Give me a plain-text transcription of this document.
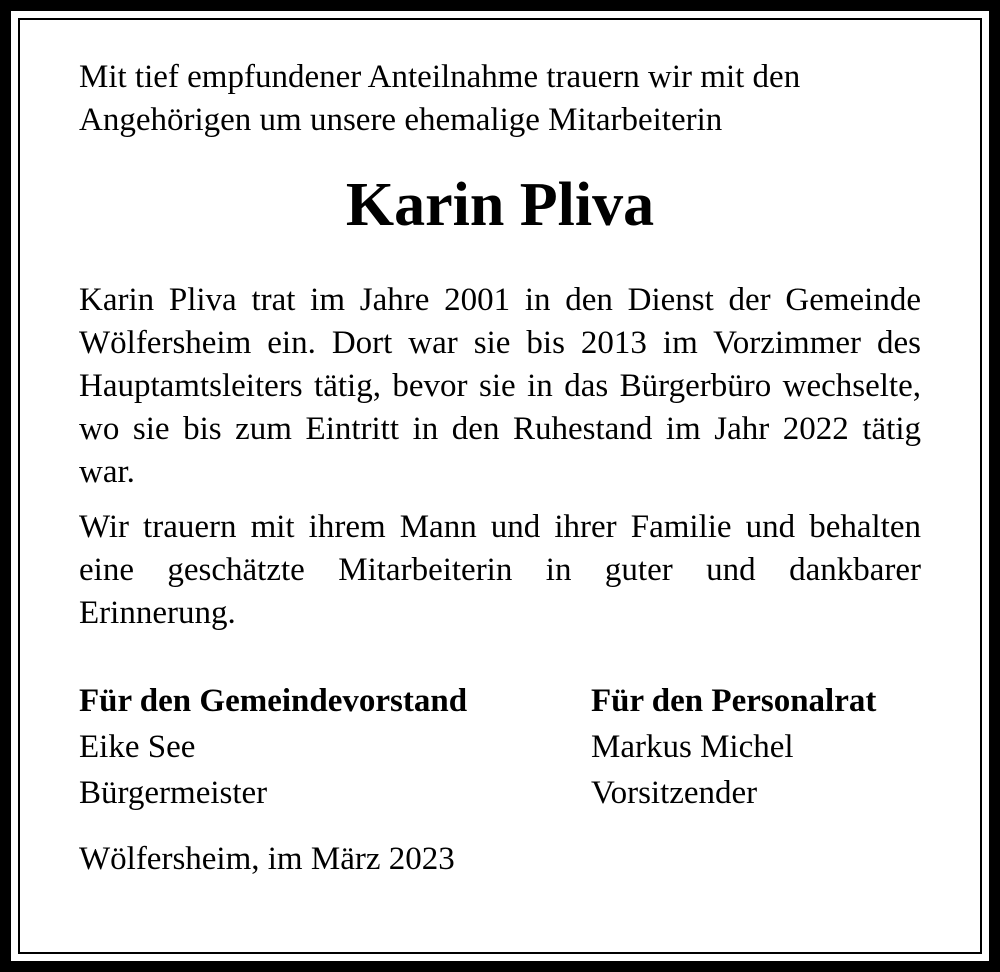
Mit tief empfundener Anteilnahme trauern wir mit den Angehörigen um unsere ehemalige Mitarbeiterin

Karin Pliva

Karin Pliva trat im Jahre 2001 in den Dienst der Gemeinde Wölfersheim ein. Dort war sie bis 2013 im Vorzimmer des Hauptamtsleiters tätig, bevor sie in das Bürgerbüro wechselte, wo sie bis zum Eintritt in den Ruhestand im Jahr 2022 tätig war.

Wir trauern mit ihrem Mann und ihrer Familie und behalten eine geschätzte Mitarbeiterin in guter und dankbarer Erinnerung.

Für den Gemeindevorstand
Eike See
Bürgermeister
Für den Personalrat
Markus Michel
Vorsitzender

Wölfersheim, im März 2023
